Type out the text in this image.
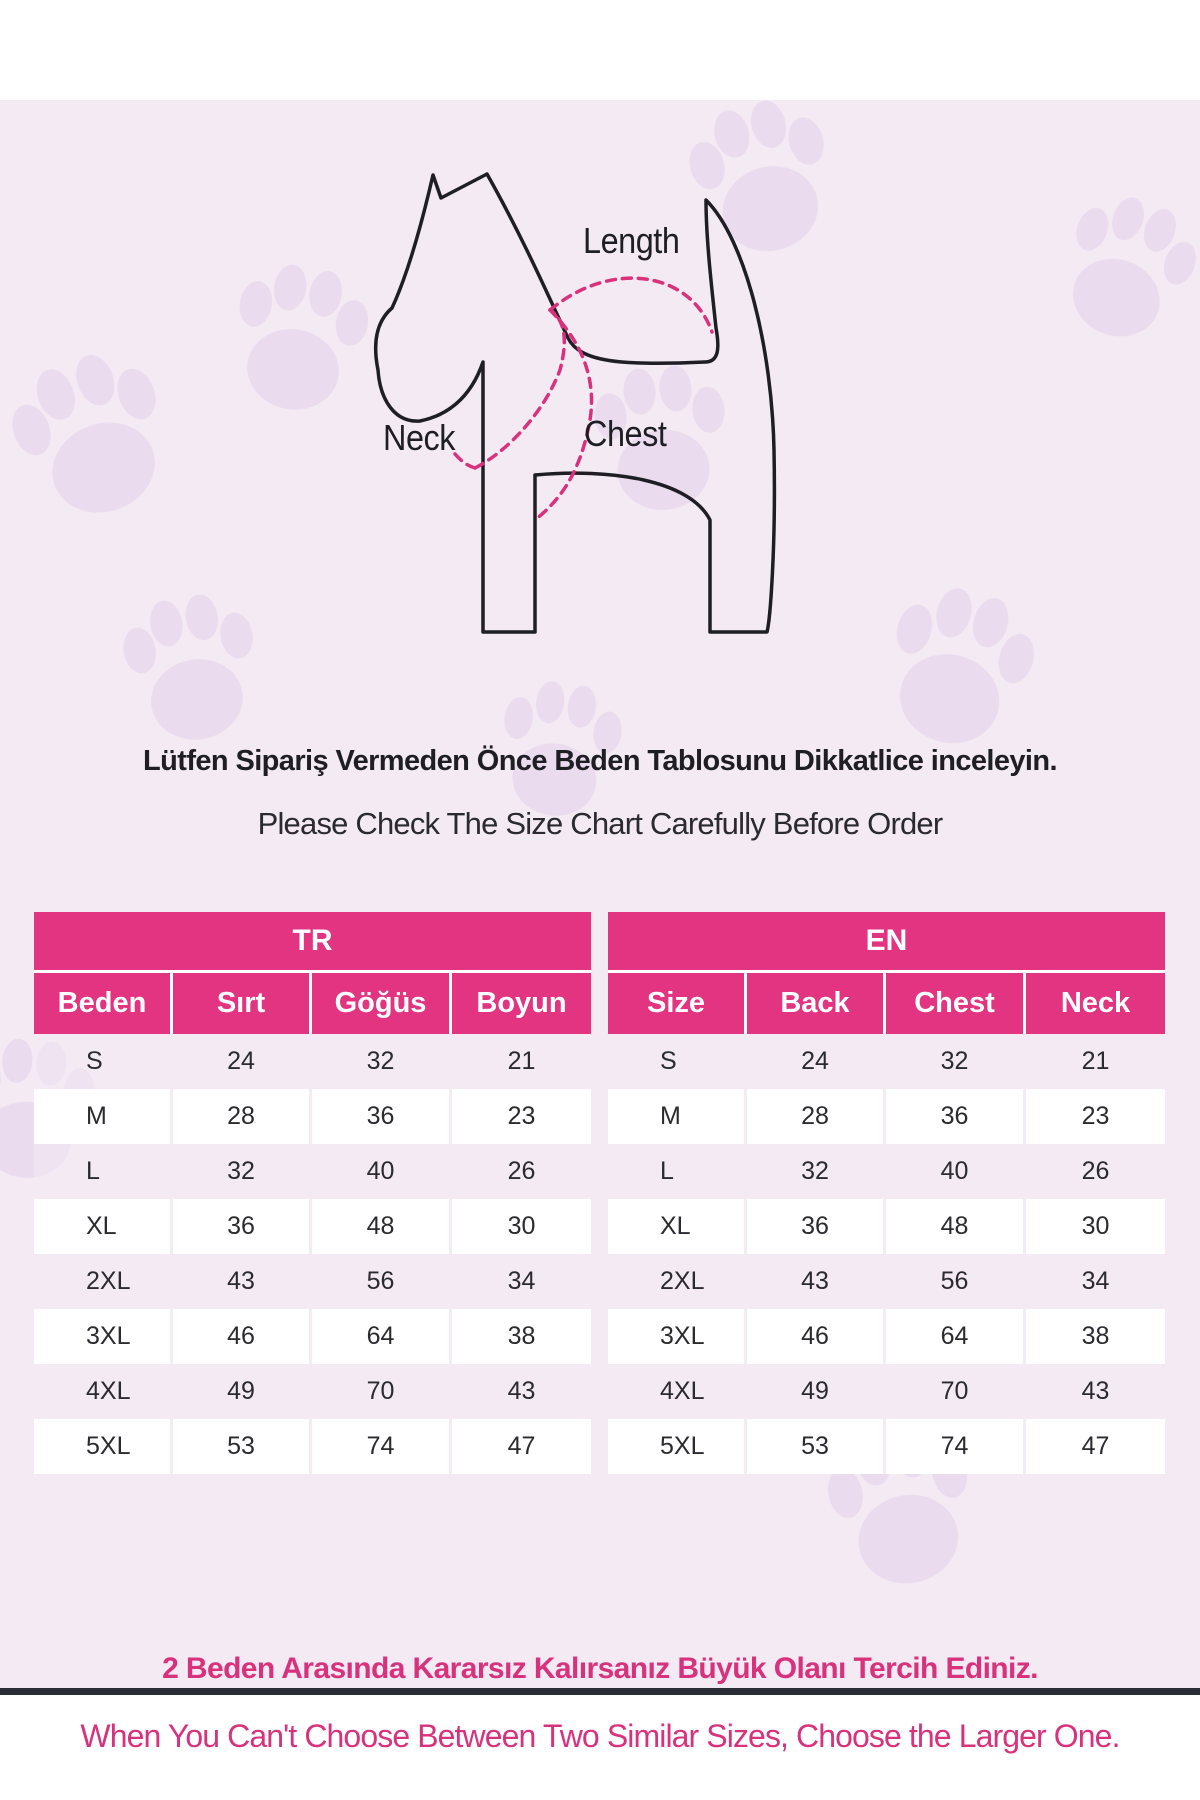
Length
Neck	Chest
Lütfen Sipariş Vermeden Önce Beden Tablosunu Dikkatlice inceleyin.
Please Check The Size Chart Carefully Before Order
TR			
Beden	Sırt	Göğüs	Boyun
S	24	32	21
M	28	36	23
L	32	40	26
XL	36	48	30
2XL	43	56	34
3XL	46	64	38
4XL	49	70	43
5XL	53	74	47
EN			
Size	Back	Chest	Neck
S	24	32	21
M	28	36	23
L	32	40	26
XL	36	48	30
2XL	43	56	34
3XL	46	64	38
4XL	49	70	43
5XL	53	74	47
2 Beden Arasında Kararsız Kalırsanız Büyük Olanı Tercih Ediniz.
When You Can't Choose Between Two Similar Sizes, Choose the Larger One.
